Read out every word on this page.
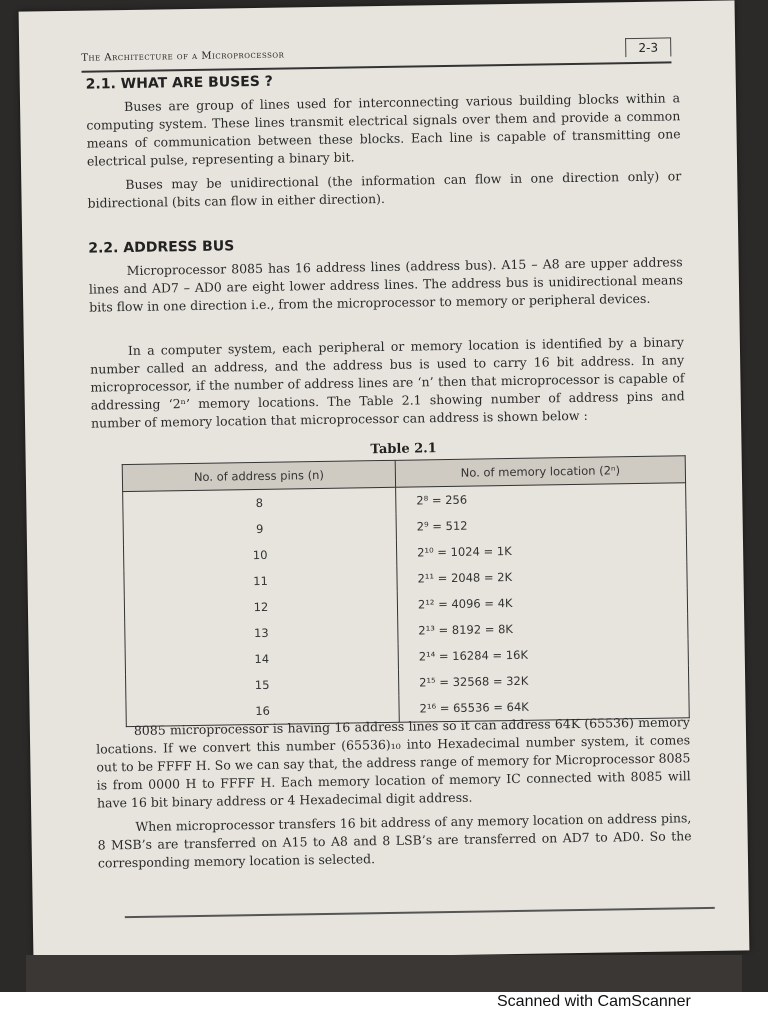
The Architecture of a Microprocessor
2-3
2.1. WHAT ARE BUSES ?

Buses are group of lines used for interconnecting various building blocks within a computing system. These lines transmit electrical signals over them and provide a common means of communication between these blocks. Each line is capable of transmitting one electrical pulse, representing a binary bit.

Buses may be unidirectional (the information can flow in one direction only) or bidirectional (bits can flow in either direction).

2.2. ADDRESS BUS

Microprocessor 8085 has 16 address lines (address bus). A15 – A8 are upper address lines and AD7 – AD0 are eight lower address lines. The address bus is unidirectional means bits flow in one direction i.e., from the microprocessor to memory or peripheral devices.

In a computer system, each peripheral or memory location is identified by a binary number called an address, and the address bus is used to carry 16 bit address. In any microprocessor, if the number of address lines are ‘n’ then that microprocessor is capable of addressing ‘2ⁿ’ memory locations. The Table 2.1 showing number of address pins and number of memory location that microprocessor can address is shown below :

Table 2.1
No. of address pins (n)	No. of memory location (2ⁿ)
8	2⁸ = 256
9	2⁹ = 512
10	2¹⁰ = 1024 = 1K
11	2¹¹ = 2048 = 2K
12	2¹² = 4096 = 4K
13	2¹³ = 8192 = 8K
14	2¹⁴ = 16284 = 16K
15	2¹⁵ = 32568 = 32K
16	2¹⁶ = 65536 = 64K

8085 microprocessor is having 16 address lines so it can address 64K (65536) memory locations. If we convert this number (65536)₁₀ into Hexadecimal number system, it comes out to be FFFF H. So we can say that, the address range of memory for Microprocessor 8085 is from 0000 H to FFFF H. Each memory location of memory IC connected with 8085 will have 16 bit binary address or 4 Hexadecimal digit address.

When microprocessor transfers 16 bit address of any memory location on address pins, 8 MSB’s are transferred on A15 to A8 and 8 LSB’s are transferred on AD7 to AD0. So the corresponding memory location is selected.

Scanned with CamScanner
